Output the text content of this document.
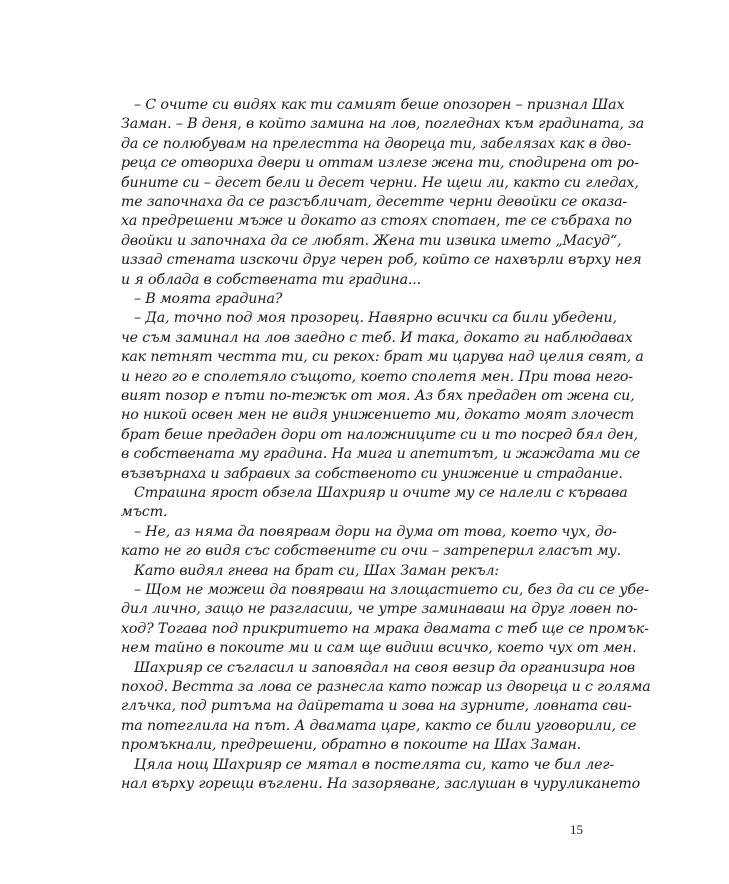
– С очите си видях как ти самият беше опозорен – признал Шах
Заман. – В деня, в който замина на лов, погледнах към градината, за
да се полюбувам на прелестта на двореца ти, забелязах как в дво-
реца се отвориха двери и оттам излезе жена ти, сподирена от ро-
бините си – десет бели и десет черни. Не щеш ли, както си гледах,
те започнаха да се разсъбличат, десетте черни девойки се оказа-
ха предрешени мъже и докато аз стоях спотаен, те се събраха по
двойки и започнаха да се любят. Жена ти извика името „Масуд“,
иззад стената изскочи друг черен роб, който се нахвърли върху нея
и я облада в собствената ти градина...
– В моята градина?
– Да, точно под моя прозорец. Навярно всички са били убедени,
че съм заминал на лов заедно с теб. И така, докато ги наблюдавах
как петнят честта ти, си рекох: брат ми царува над целия свят, а
и него го е сполетяло същото, което сполетя мен. При това него-
вият позор е пъти по-тежък от моя. Аз бях предаден от жена си,
но никой освен мен не видя унижението ми, докато моят злочест
брат беше предаден дори от наложниците си и то посред бял ден,
в собствената му градина. На мига и апетитът, и жаждата ми се
възвърнаха и забравих за собственото си унижение и страдание.
Страшна ярост обзела Шахрияр и очите му се налели с кървава
мъст.
– Не, аз няма да повярвам дори на дума от това, което чух, до-
като не го видя със собствените си очи – затреперил гласът му.
Като видял гнева на брат си, Шах Заман рекъл:
– Щом не можеш да повярваш на злощастието си, без да си се убе-
дил лично, защо не разгласиш, че утре заминаваш на друг ловен по-
ход? Тогава под прикритието на мрака двамата с теб ще се промък-
нем тайно в покоите ми и сам ще видиш всичко, което чух от мен.
Шахрияр се съгласил и заповядал на своя везир да организира нов
поход. Вестта за лова се разнесла като пожар из двореца и с голяма
глъчка, под ритъма на дайретата и зова на зурните, ловната сви-
та потеглила на път. А двамата царе, както се били уговорили, се
промъкнали, предрешени, обратно в покоите на Шах Заман.
Цяла нощ Шахрияр се мятал в постелята си, като че бил лег-
нал върху горещи въглени. На зазоряване, заслушан в чуруликането
15
